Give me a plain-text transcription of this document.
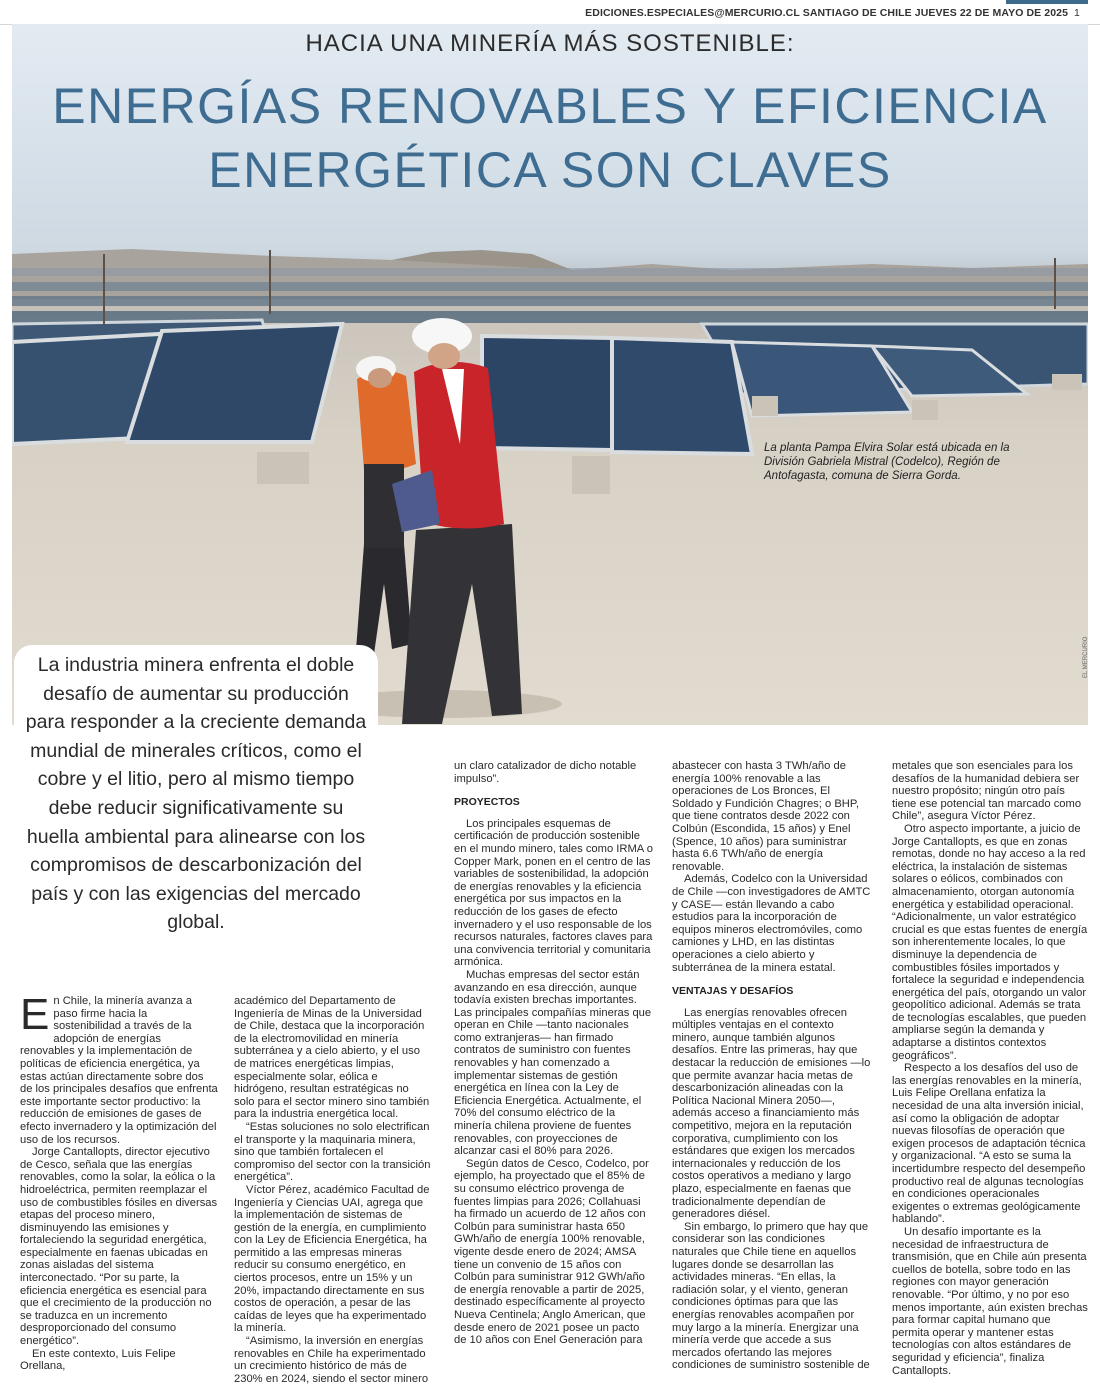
EDICIONES.ESPECIALES@MERCURIO.CL SANTIAGO DE CHILE JUEVES 22 DE MAYO DE 2025 1
HACIA UNA MINERÍA MÁS SOSTENIBLE:
ENERGÍAS RENOVABLES Y EFICIENCIA
ENERGÉTICA SON CLAVES
La planta Pampa Elvira Solar está ubicada en la División Gabriela Mistral (Codelco), Región de Antofagasta, comuna de Sierra Gorda.
EL MERCURIO

La industria minera enfrenta el doble desafío de aumentar su producción para responder a la creciente demanda mundial de minerales críticos, como el cobre y el litio, pero al mismo tiempo debe reducir significativamente su huella ambiental para alinearse con los compromisos de descarbonización del país y con las exigencias del mercado global.

En Chile, la minería avanza a paso firme hacia la sostenibilidad a través de la adopción de energías renovables y la implementación de políticas de eficiencia energética, ya estas actúan directamente sobre dos de los principales desafíos que enfrenta este importante sector productivo: la reducción de emisiones de gases de efecto invernadero y la optimización del uso de los recursos.

Jorge Cantallopts, director ejecutivo de Cesco, señala que las energías renovables, como la solar, la eólica o la hidroeléctrica, permiten reemplazar el uso de combustibles fósiles en diversas etapas del proceso minero, disminuyendo las emisiones y fortaleciendo la seguridad energética, especialmente en faenas ubicadas en zonas aisladas del sistema interconectado. “Por su parte, la eficiencia energética es esencial para que el crecimiento de la producción no se traduzca en un incremento desproporcionado del consumo energético”.

En este contexto, Luis Felipe Orellana,

académico del Departamento de Ingeniería de Minas de la Universidad de Chile, destaca que la incorporación de la electromovilidad en minería subterránea y a cielo abierto, y el uso de matrices energéticas limpias, especialmente solar, eólica e hidrógeno, resultan estratégicas no solo para el sector minero sino también para la industria energética local.

“Estas soluciones no solo electrifican el transporte y la maquinaria minera, sino que también fortalecen el compromiso del sector con la transición energética”.

Víctor Pérez, académico Facultad de Ingeniería y Ciencias UAI, agrega que la implementación de sistemas de gestión de la energía, en cumplimiento con la Ley de Eficiencia Energética, ha permitido a las empresas mineras reducir su consumo energético, en ciertos procesos, entre un 15% y un 20%, impactando directamente en sus costos de operación, a pesar de las caídas de leyes que ha experimentado la minería.

“Asimismo, la inversión en energías renovables en Chile ha experimentado un crecimiento histórico de más de 230% en 2024, siendo el sector minero

un claro catalizador de dicho notable impulso”.

PROYECTOS

Los principales esquemas de certificación de producción sostenible en el mundo minero, tales como IRMA o Copper Mark, ponen en el centro de las variables de sostenibilidad, la adopción de energías renovables y la eficiencia energética por sus impactos en la reducción de los gases de efecto invernadero y el uso responsable de los recursos naturales, factores claves para una convivencia territorial y comunitaria armónica.

Muchas empresas del sector están avanzando en esa dirección, aunque todavía existen brechas importantes. Las principales compañías mineras que operan en Chile —tanto nacionales como extranjeras— han firmado contratos de suministro con fuentes renovables y han comenzado a implementar sistemas de gestión energética en línea con la Ley de Eficiencia Energética. Actualmente, el 70% del consumo eléctrico de la minería chilena proviene de fuentes renovables, con proyecciones de alcanzar casi el 80% para 2026.

Según datos de Cesco, Codelco, por ejemplo, ha proyectado que el 85% de su consumo eléctrico provenga de fuentes limpias para 2026; Collahuasi ha firmado un acuerdo de 12 años con Colbún para suministrar hasta 650 GWh/año de energía 100% renovable, vigente desde enero de 2024; AMSA tiene un convenio de 15 años con Colbún para suministrar 912 GWh/año de energía renovable a partir de 2025, destinado específicamente al proyecto Nueva Centinela; Anglo American, que desde enero de 2021 posee un pacto de 10 años con Enel Generación para

abastecer con hasta 3 TWh/año de energía 100% renovable a las operaciones de Los Bronces, El Soldado y Fundición Chagres; o BHP, que tiene contratos desde 2022 con Colbún (Escondida, 15 años) y Enel (Spence, 10 años) para suministrar hasta 6.6 TWh/año de energía renovable.

Además, Codelco con la Universidad de Chile —con investigadores de AMTC y CASE— están llevando a cabo estudios para la incorporación de equipos mineros electromóviles, como camiones y LHD, en las distintas operaciones a cielo abierto y subterránea de la minera estatal.

VENTAJAS Y DESAFÍOS

Las energías renovables ofrecen múltiples ventajas en el contexto minero, aunque también algunos desafíos. Entre las primeras, hay que destacar la reducción de emisiones —lo que permite avanzar hacia metas de descarbonización alineadas con la Política Nacional Minera 2050—, además acceso a financiamiento más competitivo, mejora en la reputación corporativa, cumplimiento con los estándares que exigen los mercados internacionales y reducción de los costos operativos a mediano y largo plazo, especialmente en faenas que tradicionalmente dependían de generadores diésel.

Sin embargo, lo primero que hay que considerar son las condiciones naturales que Chile tiene en aquellos lugares donde se desarrollan las actividades mineras. “En ellas, la radiación solar, y el viento, generan condiciones óptimas para que las energías renovables acompañen por muy largo a la minería. Energizar una minería verde que accede a sus mercados ofertando las mejores condiciones de suministro sostenible de

metales que son esenciales para los desafíos de la humanidad debiera ser nuestro propósito; ningún otro país tiene ese potencial tan marcado como Chile”, asegura Víctor Pérez.

Otro aspecto importante, a juicio de Jorge Cantallopts, es que en zonas remotas, donde no hay acceso a la red eléctrica, la instalación de sistemas solares o eólicos, combinados con almacenamiento, otorgan autonomía energética y estabilidad operacional. “Adicionalmente, un valor estratégico crucial es que estas fuentes de energía son inherentemente locales, lo que disminuye la dependencia de combustibles fósiles importados y fortalece la seguridad e independencia energética del país, otorgando un valor geopolítico adicional. Además se trata de tecnologías escalables, que pueden ampliarse según la demanda y adaptarse a distintos contextos geográficos”.

Respecto a los desafíos del uso de las energías renovables en la minería, Luis Felipe Orellana enfatiza la necesidad de una alta inversión inicial, así como la obligación de adoptar nuevas filosofías de operación que exigen procesos de adaptación técnica y organizacional. “A esto se suma la incertidumbre respecto del desempeño productivo real de algunas tecnologías en condiciones operacionales exigentes o extremas geológicamente hablando”.

Un desafío importante es la necesidad de infraestructura de transmisión, que en Chile aún presenta cuellos de botella, sobre todo en las regiones con mayor generación renovable. “Por último, y no por eso menos importante, aún existen brechas para formar capital humano que permita operar y mantener estas tecnologías con altos estándares de seguridad y eficiencia”, finaliza Cantallopts.
